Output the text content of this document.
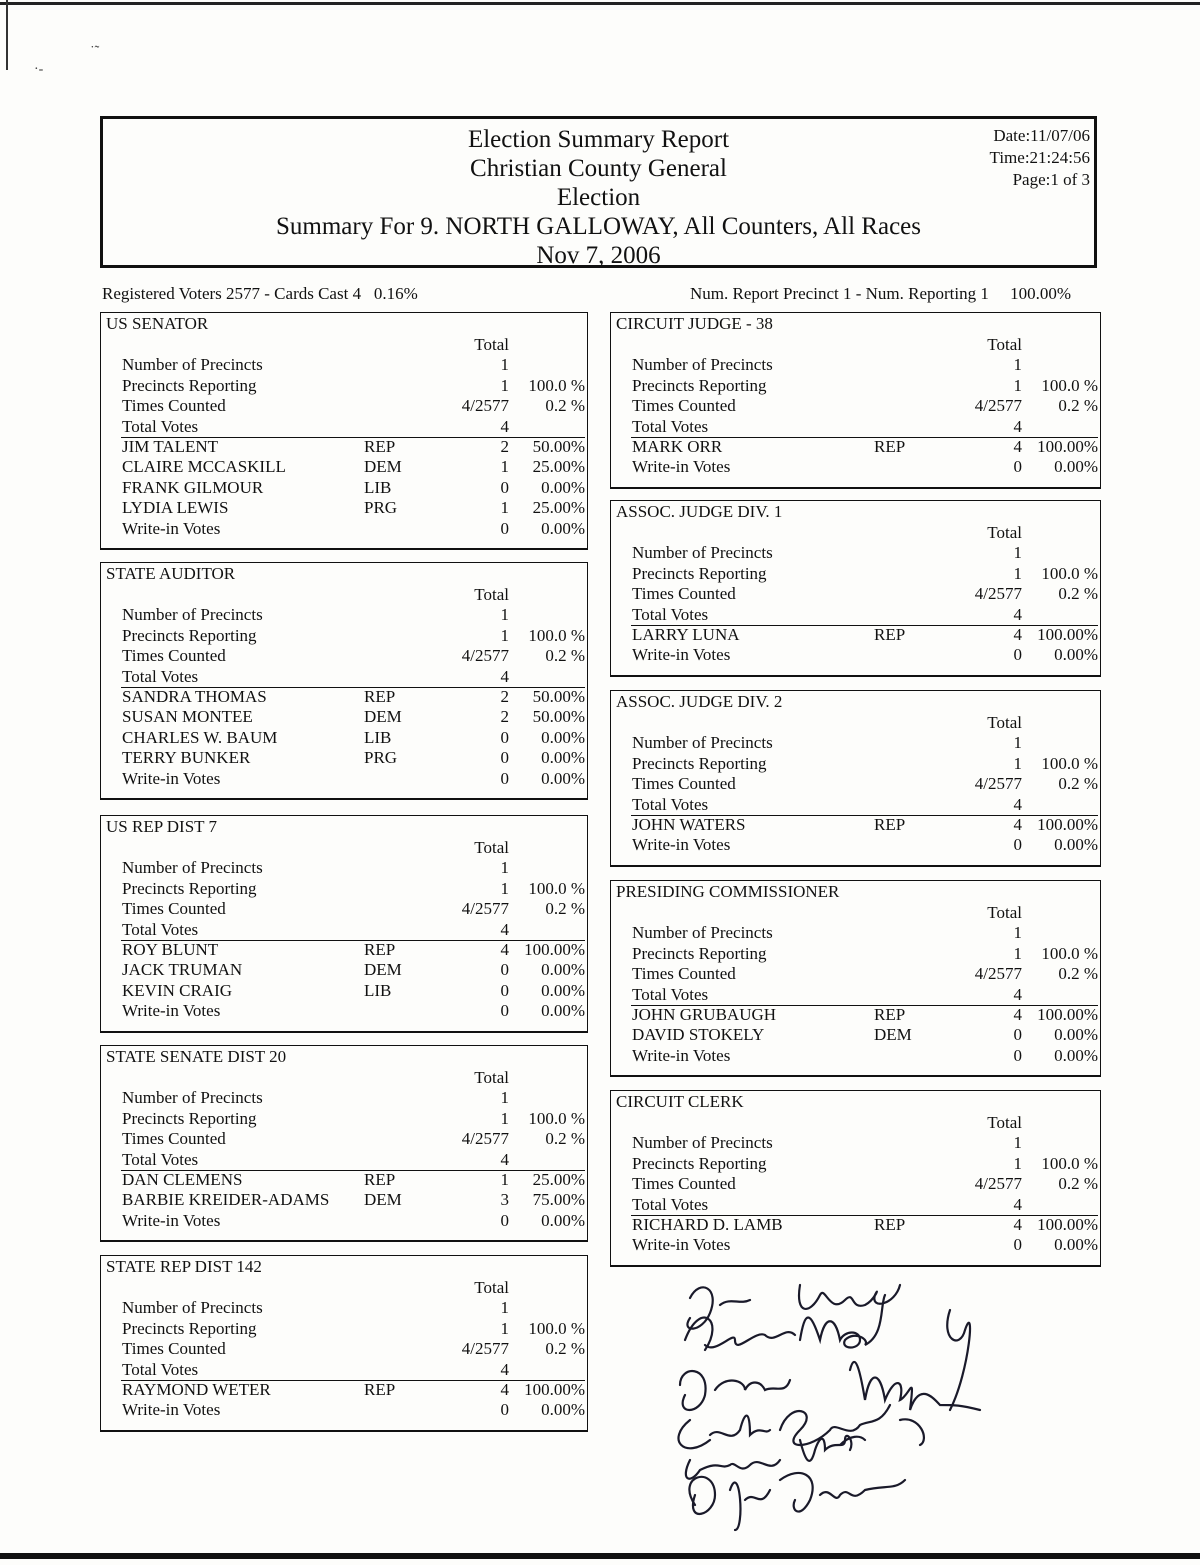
·-
˙˜
Election Summary Report
Christian County General
Election
Summary For 9. NORTH GALLOWAY, All Counters, All Races
Nov 7, 2006
Date:11/07/06
Time:21:24:56
Page:1 of 3
Registered Voters 2577 - Cards Cast 4   0.16%	Num. Report Precinct 1 - Num. Reporting 1     100.00%
US SENATOR
Total
Number of Precincts	1
Precincts Reporting	1 100.0 %
Times Counted	4/2577 0.2 %
Total Votes	4
JIM TALENT	REP	2 50.00%
CLAIRE MCCASKILL	DEM	1 25.00%
FRANK GILMOUR	LIB	0 0.00%
LYDIA LEWIS	PRG	1 25.00%
Write-in Votes	0 0.00%
STATE AUDITOR
Total
Number of Precincts	1
Precincts Reporting	1 100.0 %
Times Counted	4/2577 0.2 %
Total Votes	4
SANDRA THOMAS	REP	2 50.00%
SUSAN MONTEE	DEM	2 50.00%
CHARLES W. BAUM	LIB	0 0.00%
TERRY BUNKER	PRG	0 0.00%
Write-in Votes	0 0.00%
US REP DIST 7
Total
Number of Precincts	1
Precincts Reporting	1 100.0 %
Times Counted	4/2577 0.2 %
Total Votes	4
ROY BLUNT	REP	4 100.00%
JACK TRUMAN	DEM	0 0.00%
KEVIN CRAIG	LIB	0 0.00%
Write-in Votes	0 0.00%
STATE SENATE DIST 20
Total
Number of Precincts	1
Precincts Reporting	1 100.0 %
Times Counted	4/2577 0.2 %
Total Votes	4
DAN CLEMENS	REP	1 25.00%
BARBIE KREIDER-ADAMS DEM	3 75.00%
Write-in Votes	0 0.00%
STATE REP DIST 142
Total
Number of Precincts	1
Precincts Reporting	1 100.0 %
Times Counted	4/2577 0.2 %
Total Votes	4
RAYMOND WETER	REP	4 100.00%
Write-in Votes	0 0.00%
CIRCUIT JUDGE - 38
Total
Number of Precincts	1
Precincts Reporting	1 100.0 %
Times Counted	4/2577 0.2 %
Total Votes	4
MARK ORR	REP	4 100.00%
Write-in Votes	0 0.00%
ASSOC. JUDGE DIV. 1
Total
Number of Precincts	1
Precincts Reporting	1 100.0 %
Times Counted	4/2577 0.2 %
Total Votes	4
LARRY LUNA	REP	4 100.00%
Write-in Votes	0 0.00%
ASSOC. JUDGE DIV. 2
Total
Number of Precincts	1
Precincts Reporting	1 100.0 %
Times Counted	4/2577 0.2 %
Total Votes	4
JOHN WATERS	REP	4 100.00%
Write-in Votes	0 0.00%
PRESIDING COMMISSIONER
Total
Number of Precincts	1
Precincts Reporting	1 100.0 %
Times Counted	4/2577 0.2 %
Total Votes	4
JOHN GRUBAUGH	REP	4 100.00%
DAVID STOKELY	DEM	0 0.00%
Write-in Votes	0 0.00%
CIRCUIT CLERK
Total
Number of Precincts	1
Precincts Reporting	1 100.0 %
Times Counted	4/2577 0.2 %
Total Votes	4
RICHARD D. LAMB	REP	4 100.00%
Write-in Votes	0 0.00%
